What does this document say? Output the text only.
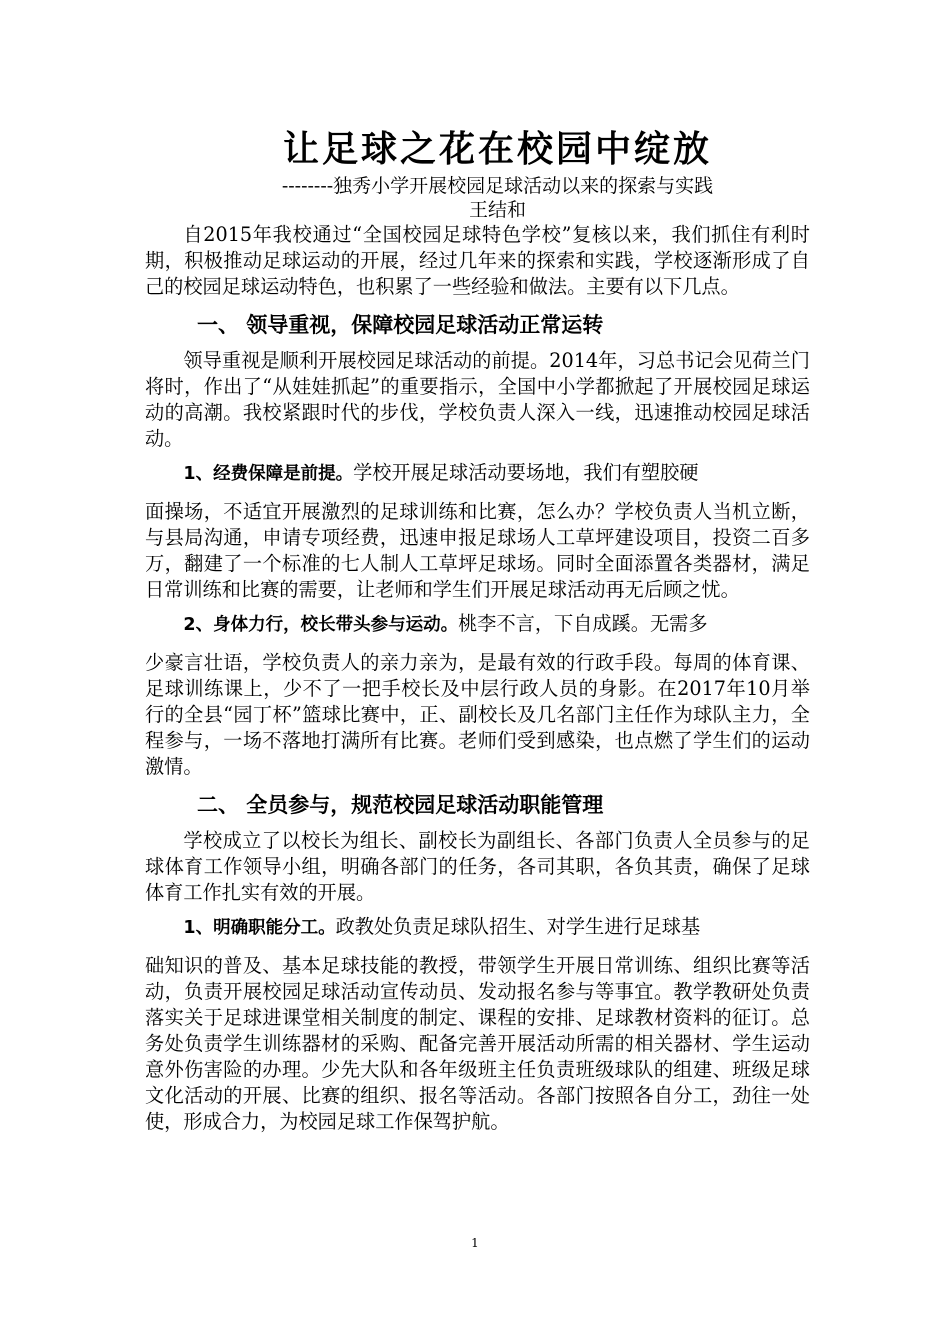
让足球之花在校园中绽放
--------独秀小学开展校园足球活动以来的探索与实践
王结和

自2015年我校通过“全国校园足球特色学校”复核以来，我们抓住有利时期，积极推动足球运动的开展，经过几年来的探索和实践，学校逐渐形成了自己的校园足球运动特色，也积累了一些经验和做法。主要有以下几点。

一、 领导重视，保障校园足球活动正常运转

领导重视是顺利开展校园足球活动的前提。2014年，习总书记会见荷兰门将时，作出了“从娃娃抓起”的重要指示，全国中小学都掀起了开展校园足球运动的高潮。我校紧跟时代的步伐，学校负责人深入一线，迅速推动校园足球活动。

1、经费保障是前提。学校开展足球活动要场地，我们有塑胶硬

面操场，不适宜开展激烈的足球训练和比赛，怎么办？学校负责人当机立断，与县局沟通，申请专项经费，迅速申报足球场人工草坪建设项目，投资二百多万，翻建了一个标准的七人制人工草坪足球场。同时全面添置各类器材，满足日常训练和比赛的需要，让老师和学生们开展足球活动再无后顾之忧。

2、身体力行，校长带头参与运动。桃李不言，下自成蹊。无需多

少豪言壮语，学校负责人的亲力亲为，是最有效的行政手段。每周的体育课、足球训练课上，少不了一把手校长及中层行政人员的身影。在2017年10月举行的全县“园丁杯”篮球比赛中，正、副校长及几名部门主任作为球队主力，全程参与，一场不落地打满所有比赛。老师们受到感染，也点燃了学生们的运动激情。

二、 全员参与，规范校园足球活动职能管理

学校成立了以校长为组长、副校长为副组长、各部门负责人全员参与的足球体育工作领导小组，明确各部门的任务，各司其职，各负其责，确保了足球体育工作扎实有效的开展。

1、明确职能分工。政教处负责足球队招生、对学生进行足球基

础知识的普及、基本足球技能的教授，带领学生开展日常训练、组织比赛等活动，负责开展校园足球活动宣传动员、发动报名参与等事宜。教学教研处负责落实关于足球进课堂相关制度的制定、课程的安排、足球教材资料的征订。总务处负责学生训练器材的采购、配备完善开展活动所需的相关器材、学生运动意外伤害险的办理。少先大队和各年级班主任负责班级球队的组建、班级足球文化活动的开展、比赛的组织、报名等活动。各部门按照各自分工，劲往一处使，形成合力，为校园足球工作保驾护航。

1
